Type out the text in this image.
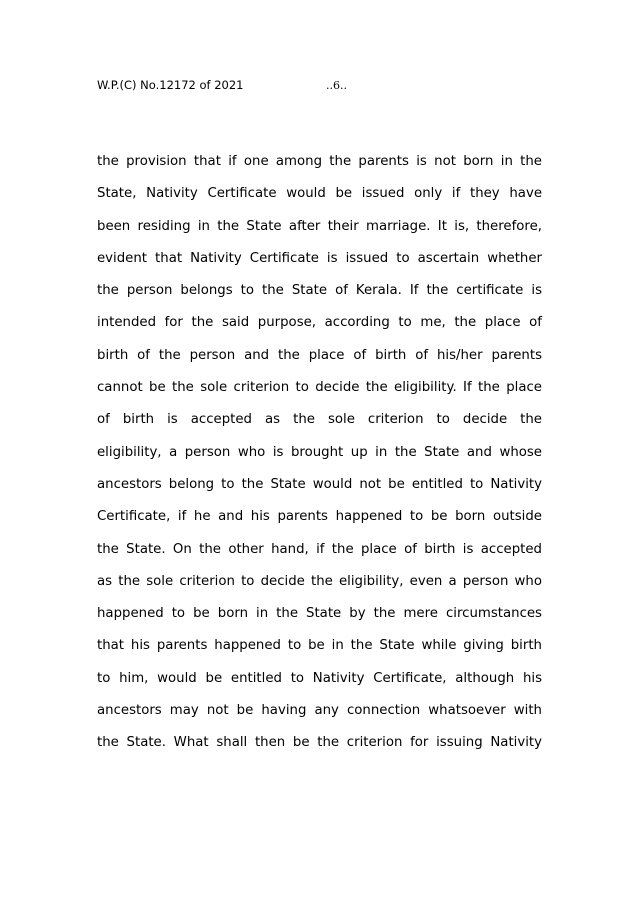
W.P.(C) No.12172 of 2021	..6..
the provision that if one among the parents is not born in the
State, Nativity Certificate would be issued only if they have
been residing in the State after their marriage. It is, therefore,
evident that Nativity Certificate is issued to ascertain whether
the person belongs to the State of Kerala. If the certificate is
intended for the said purpose, according to me, the place of
birth of the person and the place of birth of his/her parents
cannot be the sole criterion to decide the eligibility. If the place
of birth is accepted as the sole criterion to decide the
eligibility, a person who is brought up in the State and whose
ancestors belong to the State would not be entitled to Nativity
Certificate, if he and his parents happened to be born outside
the State. On the other hand, if the place of birth is accepted
as the sole criterion to decide the eligibility, even a person who
happened to be born in the State by the mere circumstances
that his parents happened to be in the State while giving birth
to him, would be entitled to Nativity Certificate, although his
ancestors may not be having any connection whatsoever with
the State. What shall then be the criterion for issuing Nativity
